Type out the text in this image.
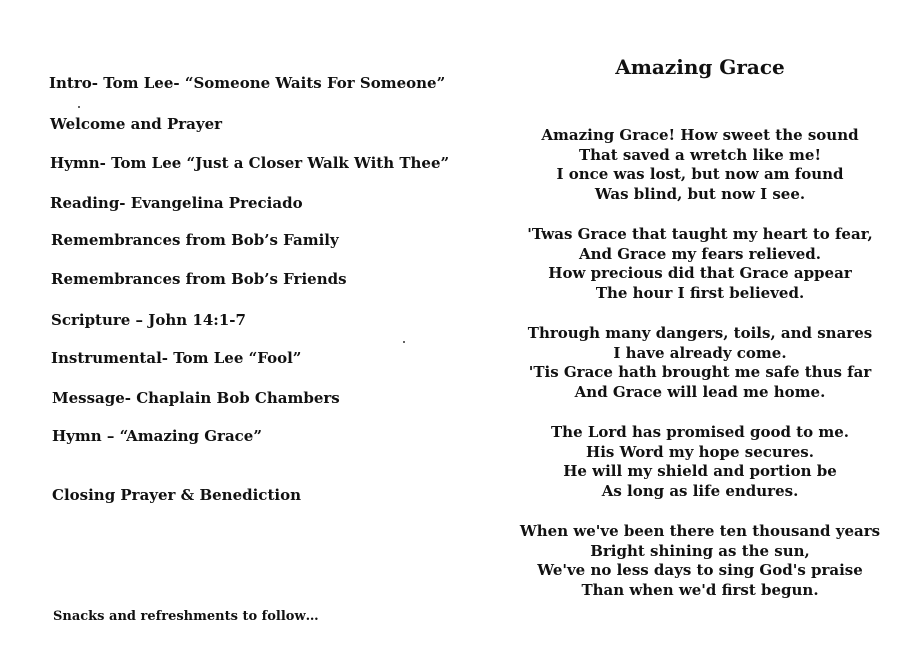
Intro- Tom Lee- “Someone Waits For Someone”
Welcome and Prayer
Hymn- Tom Lee “Just a Closer Walk With Thee”
Reading- Evangelina Preciado
Remembrances from Bob’s Family
Remembrances from Bob’s Friends
Scripture – John 14:1-7
Instrumental- Tom Lee “Fool”
Message- Chaplain Bob Chambers
Hymn – “Amazing Grace”
Closing Prayer & Benediction
Snacks and refreshments to follow…
Amazing Grace
Amazing Grace! How sweet the sound
That saved a wretch like me!
I once was lost, but now am found
Was blind, but now I see.
'Twas Grace that taught my heart to fear,
And Grace my fears relieved.
How precious did that Grace appear
The hour I first believed.
Through many dangers, toils, and snares
I have already come.
'Tis Grace hath brought me safe thus far
And Grace will lead me home.
The Lord has promised good to me.
His Word my hope secures.
He will my shield and portion be
As long as life endures.
When we've been there ten thousand years
Bright shining as the sun,
We've no less days to sing God's praise
Than when we'd first begun.
